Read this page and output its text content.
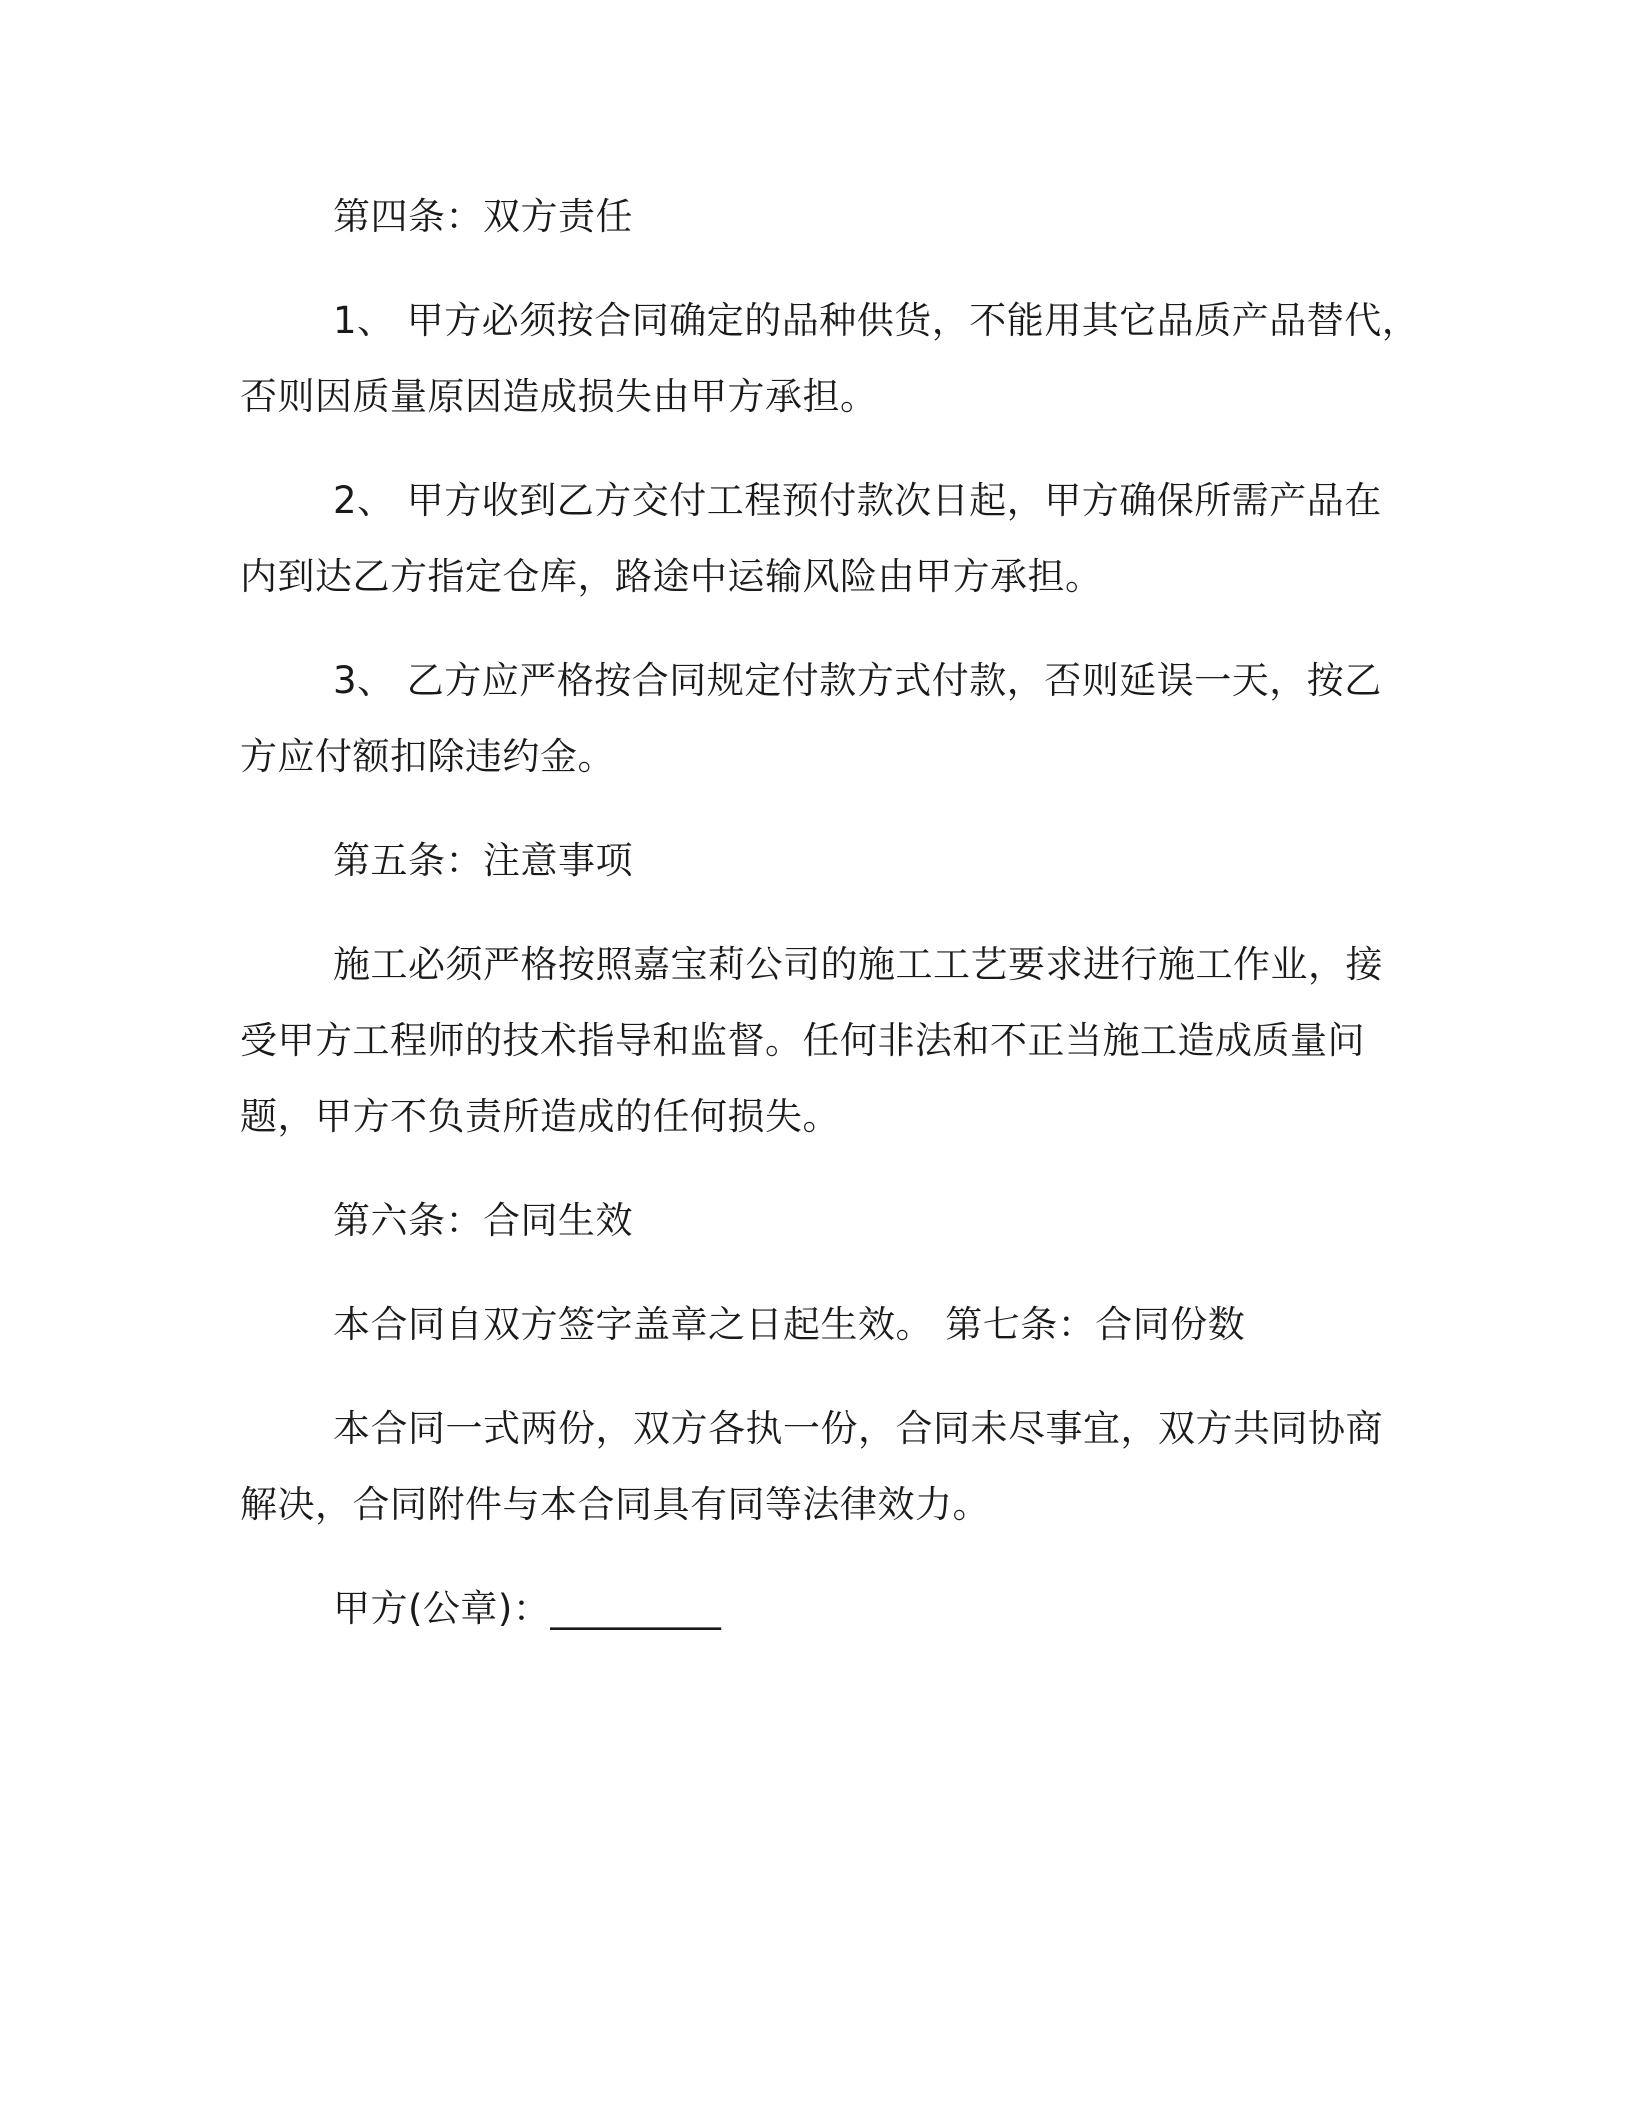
第四条：双方责任
1、 甲方必须按合同确定的品种供货，不能用其它品质产品替代，
否则因质量原因造成损失由甲方承担。
2、 甲方收到乙方交付工程预付款次日起，甲方确保所需产品在
内到达乙方指定仓库，路途中运输风险由甲方承担。
3、 乙方应严格按合同规定付款方式付款，否则延误一天，按乙
方应付额扣除违约金。
第五条：注意事项
施工必须严格按照嘉宝莉公司的施工工艺要求进行施工作业，接
受甲方工程师的技术指导和监督。任何非法和不正当施工造成质量问
题，甲方不负责所造成的任何损失。
第六条：合同生效
本合同自双方签字盖章之日起生效。 第七条：合同份数
本合同一式两份，双方各执一份，合同未尽事宜，双方共同协商
解决，合同附件与本合同具有同等法律效力。
甲方(公章)：_________
